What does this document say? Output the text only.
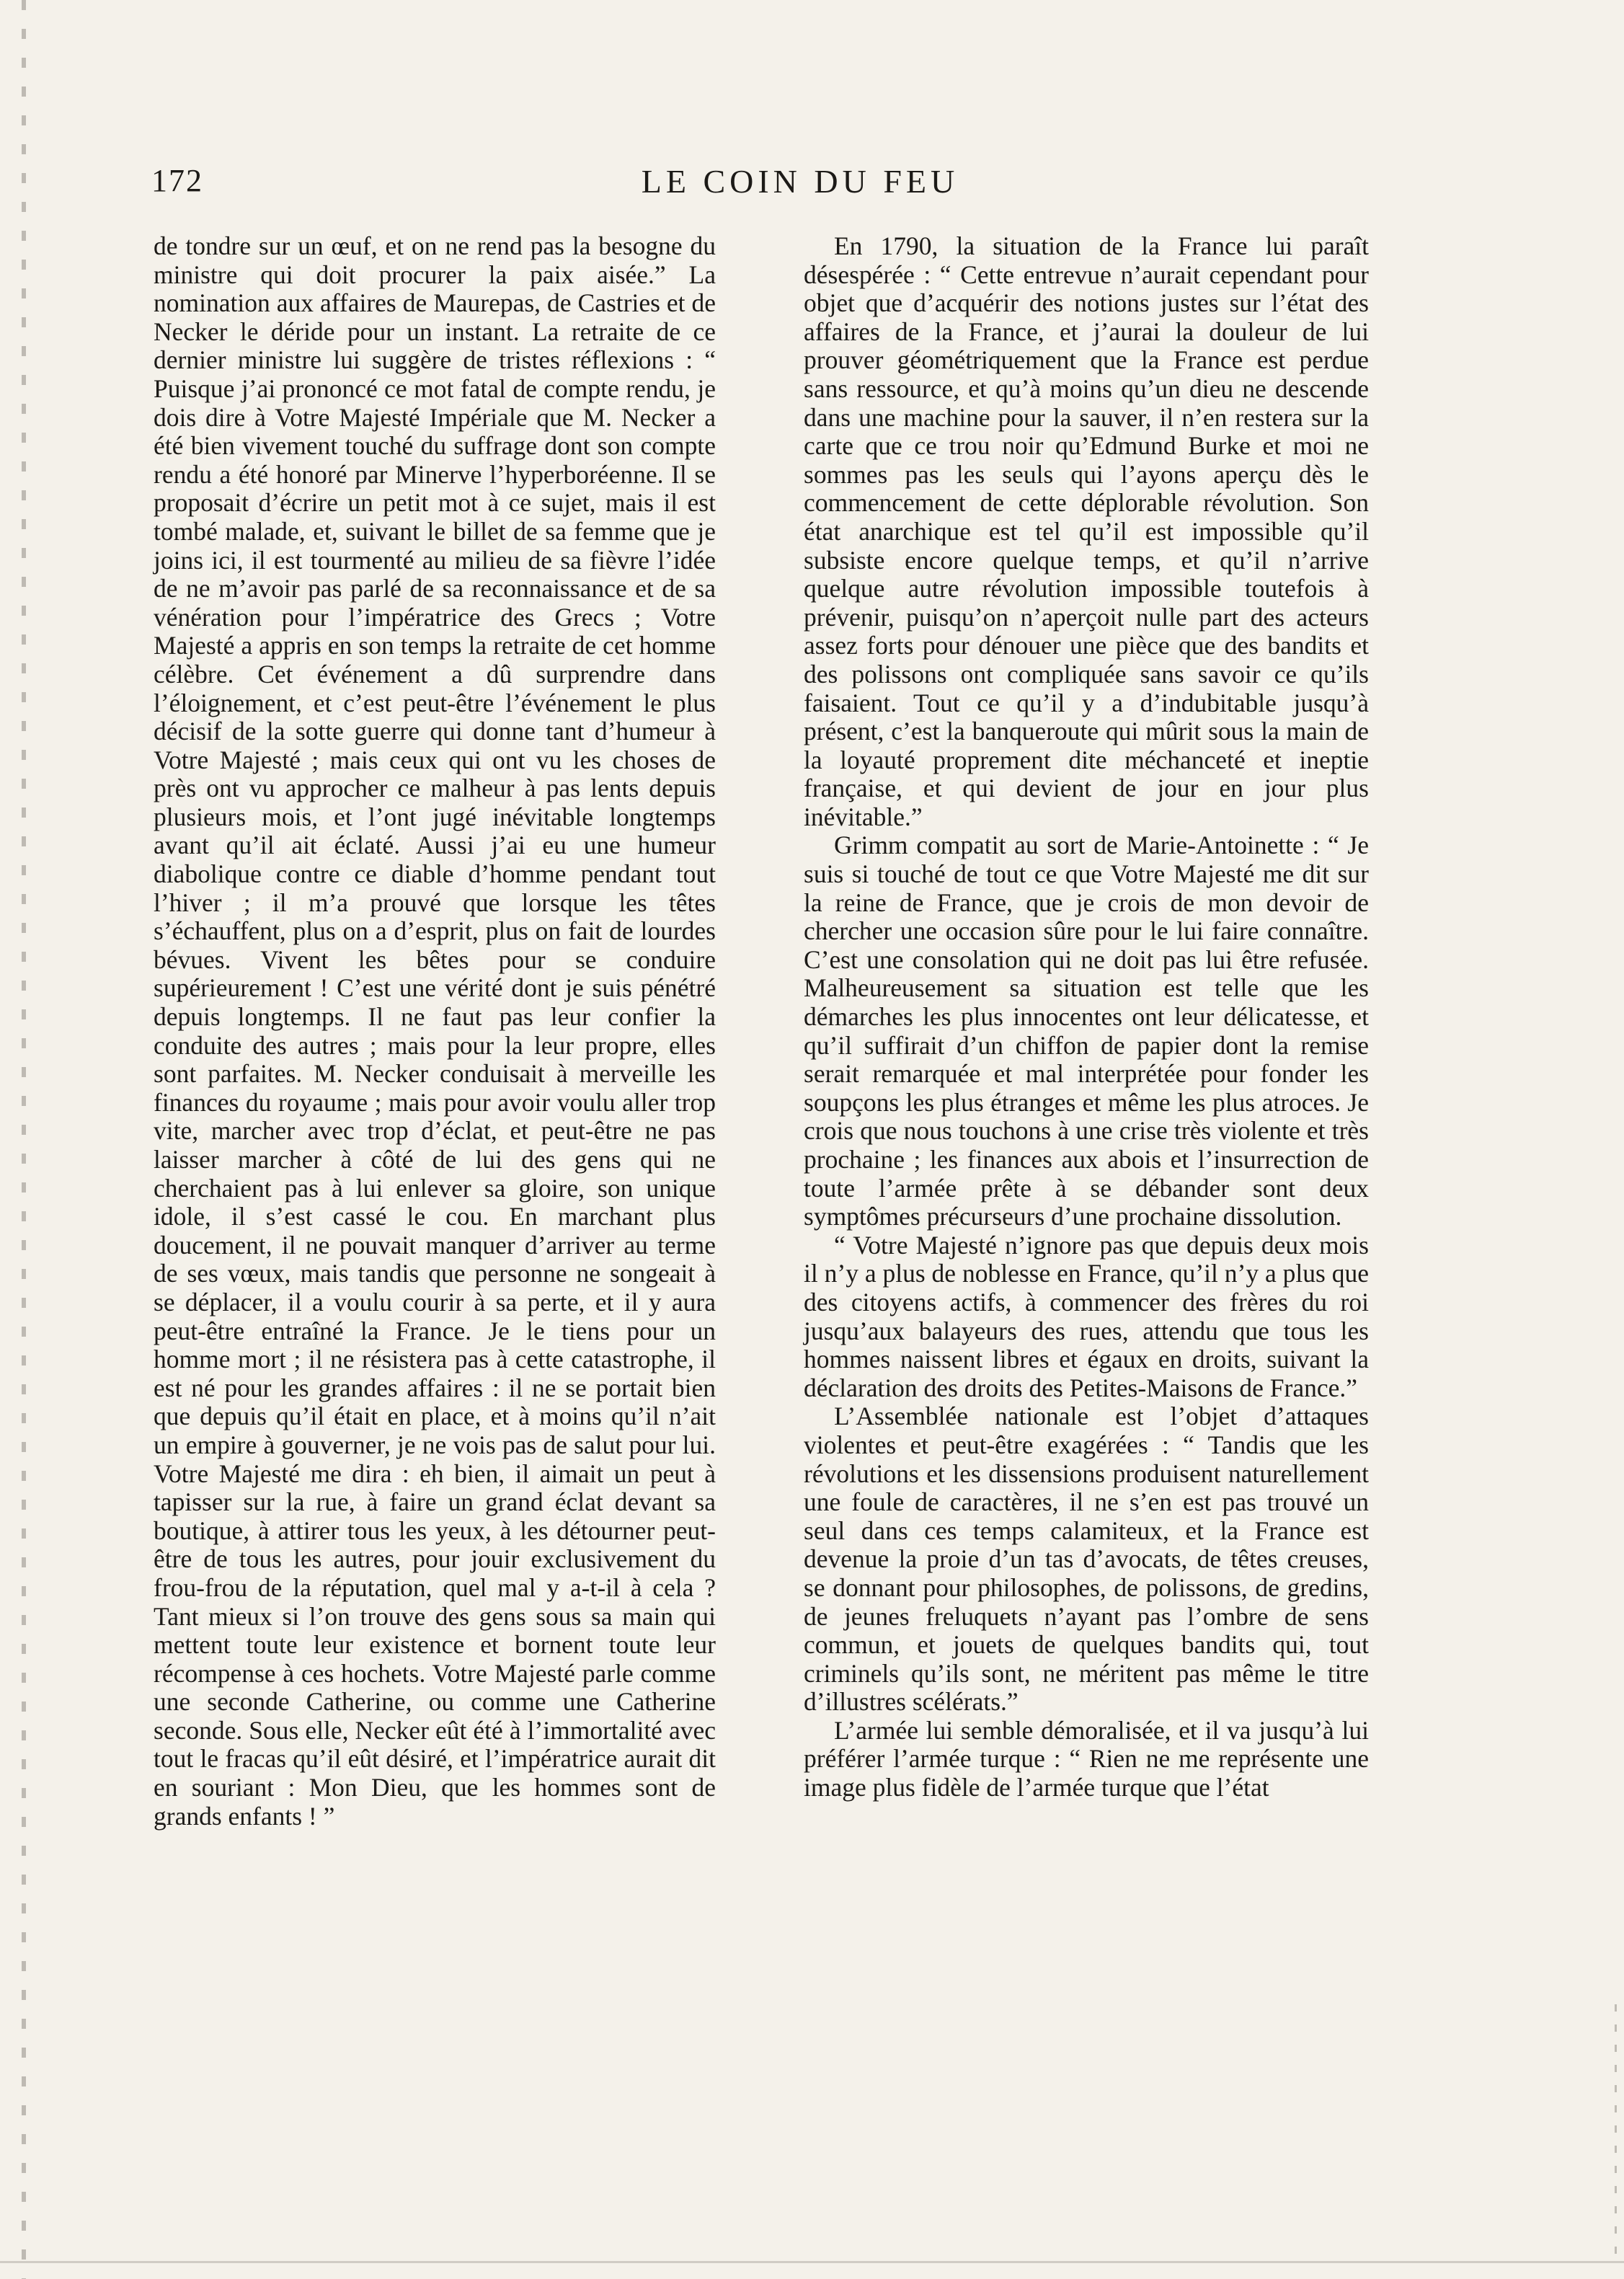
172	LE COIN DU FEU

de tondre sur un œuf, et on ne rend pas la besogne du ministre qui doit procurer la paix aisée.” La nomination aux affaires de Maurepas, de Castries et de Necker le déride pour un instant. La retraite de ce dernier ministre lui suggère de tristes réflexions : “ Puisque j’ai prononcé ce mot fatal de compte rendu, je dois dire à Votre Majesté Impériale que M. Necker a été bien vivement touché du suffrage dont son compte rendu a été honoré par Minerve l’hyperboréenne. Il se proposait d’écrire un petit mot à ce sujet, mais il est tombé malade, et, suivant le billet de sa femme que je joins ici, il est tourmenté au milieu de sa fièvre l’idée de ne m’avoir pas parlé de sa reconnaissance et de sa vénération pour l’impératrice des Grecs ; Votre Majesté a appris en son temps la retraite de cet homme célèbre. Cet événement a dû surprendre dans l’éloignement, et c’est peut-être l’événement le plus décisif de la sotte guerre qui donne tant d’humeur à Votre Majesté ; mais ceux qui ont vu les choses de près ont vu approcher ce malheur à pas lents depuis plusieurs mois, et l’ont jugé inévitable longtemps avant qu’il ait éclaté. Aussi j’ai eu une humeur diabolique contre ce diable d’homme pendant tout l’hiver ; il m’a prouvé que lorsque les têtes s’échauffent, plus on a d’esprit, plus on fait de lourdes bévues. Vivent les bêtes pour se conduire supérieurement ! C’est une vérité dont je suis pénétré depuis longtemps. Il ne faut pas leur confier la conduite des autres ; mais pour la leur propre, elles sont parfaites. M. Necker conduisait à merveille les finances du royaume ; mais pour avoir voulu aller trop vite, marcher avec trop d’éclat, et peut-être ne pas laisser marcher à côté de lui des gens qui ne cherchaient pas à lui enlever sa gloire, son unique idole, il s’est cassé le cou. En marchant plus doucement, il ne pouvait manquer d’arriver au terme de ses vœux, mais tandis que personne ne songeait à se déplacer, il a voulu courir à sa perte, et il y aura peut-être entraîné la France. Je le tiens pour un homme mort ; il ne résistera pas à cette catastrophe, il est né pour les grandes affaires : il ne se portait bien que depuis qu’il était en place, et à moins qu’il n’ait un empire à gouverner, je ne vois pas de salut pour lui. Votre Majesté me dira : eh bien, il aimait un peut à tapisser sur la rue, à faire un grand éclat devant sa boutique, à attirer tous les yeux, à les détourner peut-être de tous les autres, pour jouir exclusivement du frou-frou de la réputation, quel mal y a-t-il à cela ? Tant mieux si l’on trouve des gens sous sa main qui mettent toute leur existence et bornent toute leur récompense à ces hochets. Votre Majesté parle comme une seconde Catherine, ou comme une Catherine seconde. Sous elle, Necker eût été à l’immortalité avec tout le fracas qu’il eût désiré, et l’impératrice aurait dit en souriant : Mon Dieu, que les hommes sont de grands enfants ! ”

En 1790, la situation de la France lui paraît désespérée : “ Cette entrevue n’aurait cependant pour objet que d’acquérir des notions justes sur l’état des affaires de la France, et j’aurai la douleur de lui prouver géométriquement que la France est perdue sans ressource, et qu’à moins qu’un dieu ne descende dans une machine pour la sauver, il n’en restera sur la carte que ce trou noir qu’Edmund Burke et moi ne sommes pas les seuls qui l’ayons aperçu dès le commencement de cette déplorable révolution. Son état anarchique est tel qu’il est impossible qu’il subsiste encore quelque temps, et qu’il n’arrive quelque autre révolution impossible toutefois à prévenir, puisqu’on n’aperçoit nulle part des acteurs assez forts pour dénouer une pièce que des bandits et des polissons ont compliquée sans savoir ce qu’ils faisaient. Tout ce qu’il y a d’indubitable jusqu’à présent, c’est la banqueroute qui mûrit sous la main de la loyauté proprement dite méchanceté et ineptie française, et qui devient de jour en jour plus inévitable.”

Grimm compatit au sort de Marie-Antoinette : “ Je suis si touché de tout ce que Votre Majesté me dit sur la reine de France, que je crois de mon devoir de chercher une occasion sûre pour le lui faire connaître. C’est une consolation qui ne doit pas lui être refusée. Malheureusement sa situation est telle que les démarches les plus innocentes ont leur délicatesse, et qu’il suffirait d’un chiffon de papier dont la remise serait remarquée et mal interprétée pour fonder les soupçons les plus étranges et même les plus atroces. Je crois que nous touchons à une crise très violente et très prochaine ; les finances aux abois et l’insurrection de toute l’armée prête à se débander sont deux symptômes précurseurs d’une prochaine dissolution.

“ Votre Majesté n’ignore pas que depuis deux mois il n’y a plus de noblesse en France, qu’il n’y a plus que des citoyens actifs, à commencer des frères du roi jusqu’aux balayeurs des rues, attendu que tous les hommes naissent libres et égaux en droits, suivant la déclaration des droits des Petites-Maisons de France.”

L’Assemblée nationale est l’objet d’attaques violentes et peut-être exagérées : “ Tandis que les révolutions et les dissensions produisent naturellement une foule de caractères, il ne s’en est pas trouvé un seul dans ces temps calamiteux, et la France est devenue la proie d’un tas d’avocats, de têtes creuses, se donnant pour philosophes, de polissons, de gredins, de jeunes freluquets n’ayant pas l’ombre de sens commun, et jouets de quelques bandits qui, tout criminels qu’ils sont, ne méritent pas même le titre d’illustres scélérats.”

L’armée lui semble démoralisée, et il va jusqu’à lui préférer l’armée turque : “ Rien ne me représente une image plus fidèle de l’armée turque que l’état
